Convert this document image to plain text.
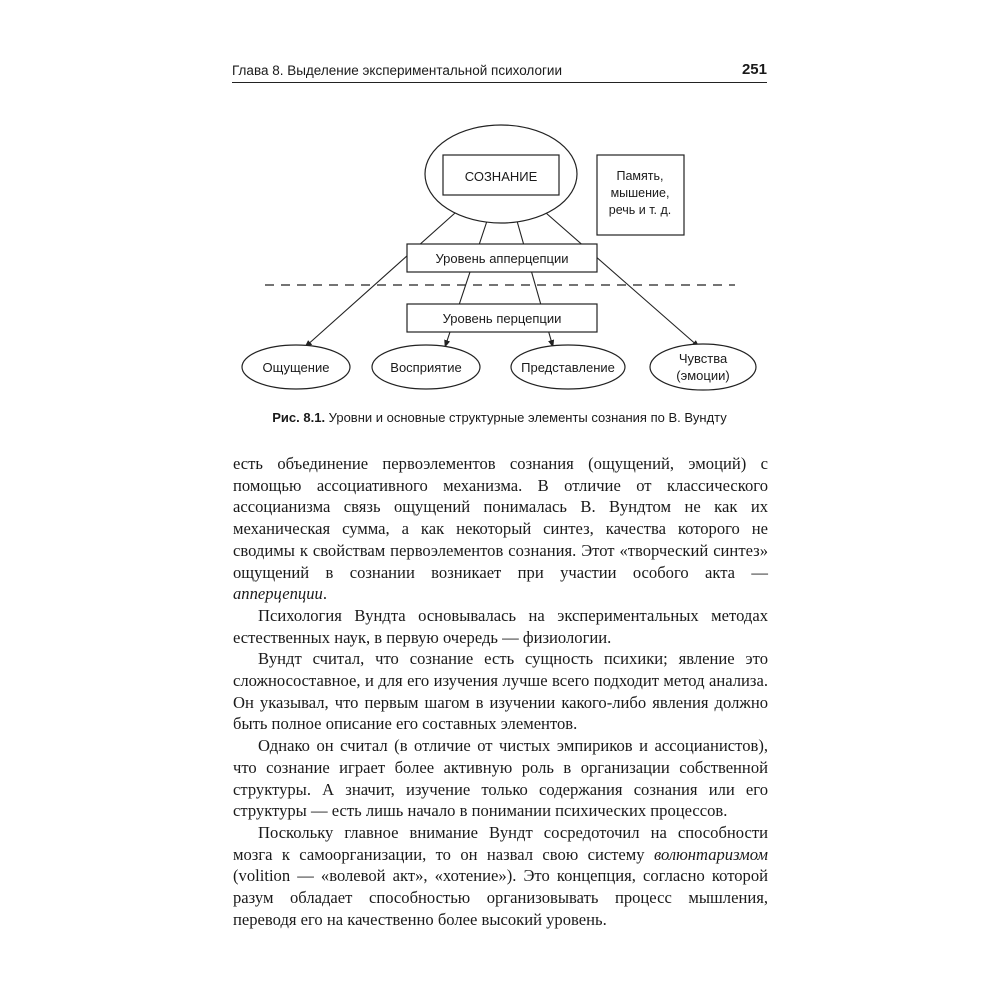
Глава 8. Выделение экспериментальной психологии	251
СОЗНАНИЕ	Память,
мышение,
речь и т. д.
Уровень апперцепции
Уровень перцепции
Ощущение	Восприятие	Представление
Чувства
(эмоции)
Рис. 8.1. Уровни и основные структурные элементы сознания по В. Вундту

есть объединение первоэлементов сознания (ощущений, эмоций) с помощью ассоциативного механизма. В отличие от классического ассоцианизма связь ощущений понималась В. Вундтом не как их механическая сумма, а как некоторый синтез, качества которого не сводимы к свойствам первоэлементов сознания. Этот «творческий синтез» ощущений в сознании возникает при участии особого акта — апперцепции.

Психология Вундта основывалась на экспериментальных методах естественных наук, в первую очередь — физиологии.

Вундт считал, что сознание есть сущность психики; явление это сложносоставное, и для его изучения лучше всего подходит метод анализа. Он указывал, что первым шагом в изучении какого-либо явления должно быть полное описание его составных элементов.

Однако он считал (в отличие от чистых эмпириков и ассоцианистов), что сознание играет более активную роль в организации собственной структуры. А значит, изучение только содержания сознания или его структуры — есть лишь начало в понимании психических процессов.

Поскольку главное внимание Вундт сосредоточил на способности мозга к самоорганизации, то он назвал свою систему волюнтаризмом (volition — «волевой акт», «хотение»). Это концепция, согласно которой разум обладает способностью организовывать процесс мышления, переводя его на качественно более высокий уровень.
